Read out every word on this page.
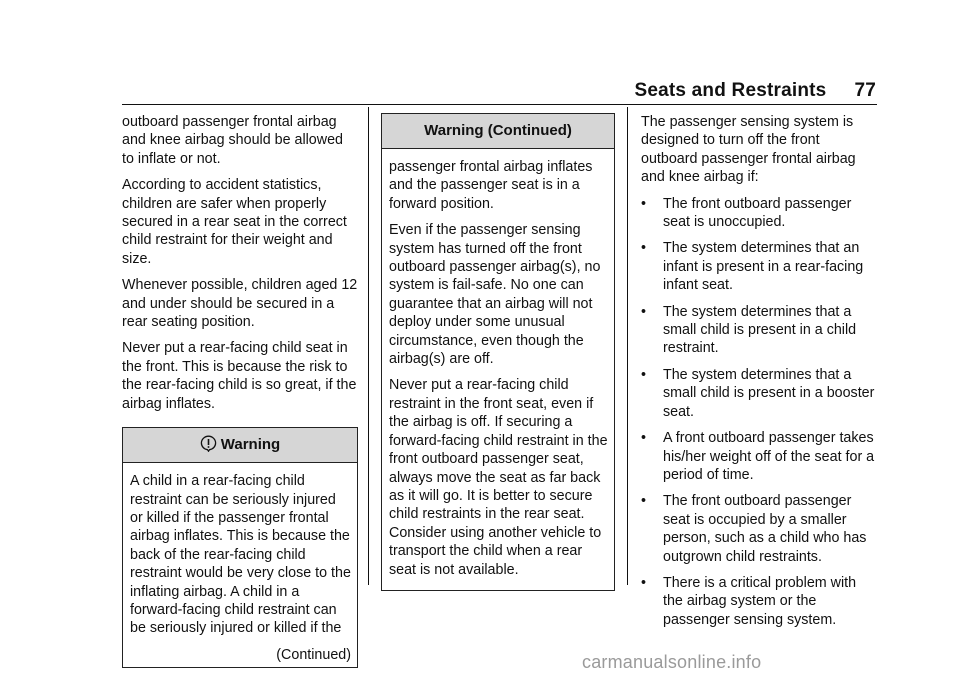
Seats and Restraints 77

outboard passenger frontal airbag and knee airbag should be allowed to inflate or not.

According to accident statistics, children are safer when properly secured in a rear seat in the correct child restraint for their weight and size.

Whenever possible, children aged 12 and under should be secured in a rear seating position.

Never put a rear-facing child seat in the front. This is because the risk to the rear-facing child is so great, if the airbag inflates.

Warning

A child in a rear-facing child restraint can be seriously injured or killed if the passenger frontal airbag inflates. This is because the back of the rear-facing child restraint would be very close to the inflating airbag. A child in a forward-facing child restraint can be seriously injured or killed if the

(Continued)

Warning (Continued)

passenger frontal airbag inflates and the passenger seat is in a forward position.

Even if the passenger sensing system has turned off the front outboard passenger airbag(s), no system is fail-safe. No one can guarantee that an airbag will not deploy under some unusual circumstance, even though the airbag(s) are off.

Never put a rear-facing child restraint in the front seat, even if the airbag is off. If securing a forward-facing child restraint in the front outboard passenger seat, always move the seat as far back as it will go. It is better to secure child restraints in the rear seat. Consider using another vehicle to transport the child when a rear seat is not available.

The passenger sensing system is designed to turn off the front outboard passenger frontal airbag and knee airbag if:

• The front outboard passenger seat is unoccupied.
• The system determines that an infant is present in a rear-facing infant seat.
• The system determines that a small child is present in a child restraint.
• The system determines that a small child is present in a booster seat.
• A front outboard passenger takes his/her weight off of the seat for a period of time.
• The front outboard passenger seat is occupied by a smaller person, such as a child who has outgrown child restraints.
• There is a critical problem with the airbag system or the passenger sensing system.
carmanualsonline.info
